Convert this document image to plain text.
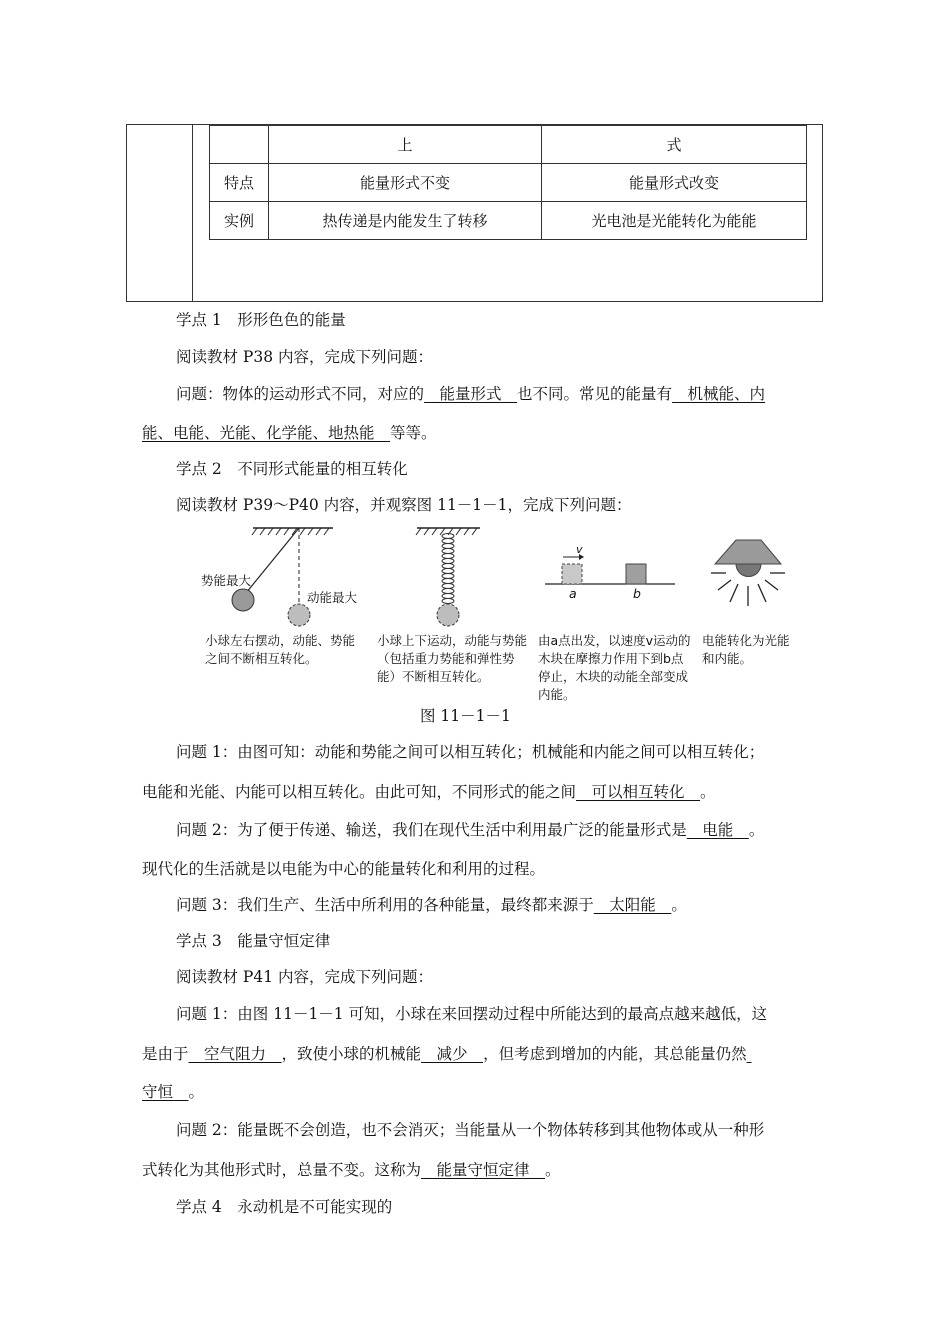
	上	式
特点	能量形式不变	能量形式改变
实例	热传递是内能发生了转移	光电池是光能转化为能能
学点 1　形形色色的能量
阅读教材 P38 内容，完成下列问题：
问题：物体的运动形式不同，对应的　能量形式　也不同。常见的能量有　机械能、内
能、电能、光能、化学能、地热能　等等。
学点 2　不同形式能量的相互转化
阅读教材 P39～P40 内容，并观察图 11－1－1，完成下列问题：
势能最大
动能最大
v
a	b
小球左右摆动，动能、势能之间不断相互转化。
小球上下运动，动能与势能（包括重力势能和弹性势能）不断相互转化。
由a点出发，以速度v运动的木块在摩擦力作用下到b点停止，木块的动能全部变成内能。
电能转化为光能和内能。
图 11－1－1
问题 1：由图可知：动能和势能之间可以相互转化；机械能和内能之间可以相互转化；
电能和光能、内能可以相互转化。由此可知，不同形式的能之间　可以相互转化　。
问题 2：为了便于传递、输送，我们在现代生活中利用最广泛的能量形式是　电能　。
现代化的生活就是以电能为中心的能量转化和利用的过程。
问题 3：我们生产、生活中所利用的各种能量，最终都来源于　太阳能　。
学点 3　能量守恒定律
阅读教材 P41 内容，完成下列问题：
问题 1：由图 11－1－1 可知，小球在来回摆动过程中所能达到的最高点越来越低，这
是由于　空气阻力　，致使小球的机械能　减少　，但考虑到增加的内能，其总能量仍然
守恒　。
问题 2：能量既不会创造，也不会消灭；当能量从一个物体转移到其他物体或从一种形
式转化为其他形式时，总量不变。这称为　能量守恒定律　。
学点 4　永动机是不可能实现的
